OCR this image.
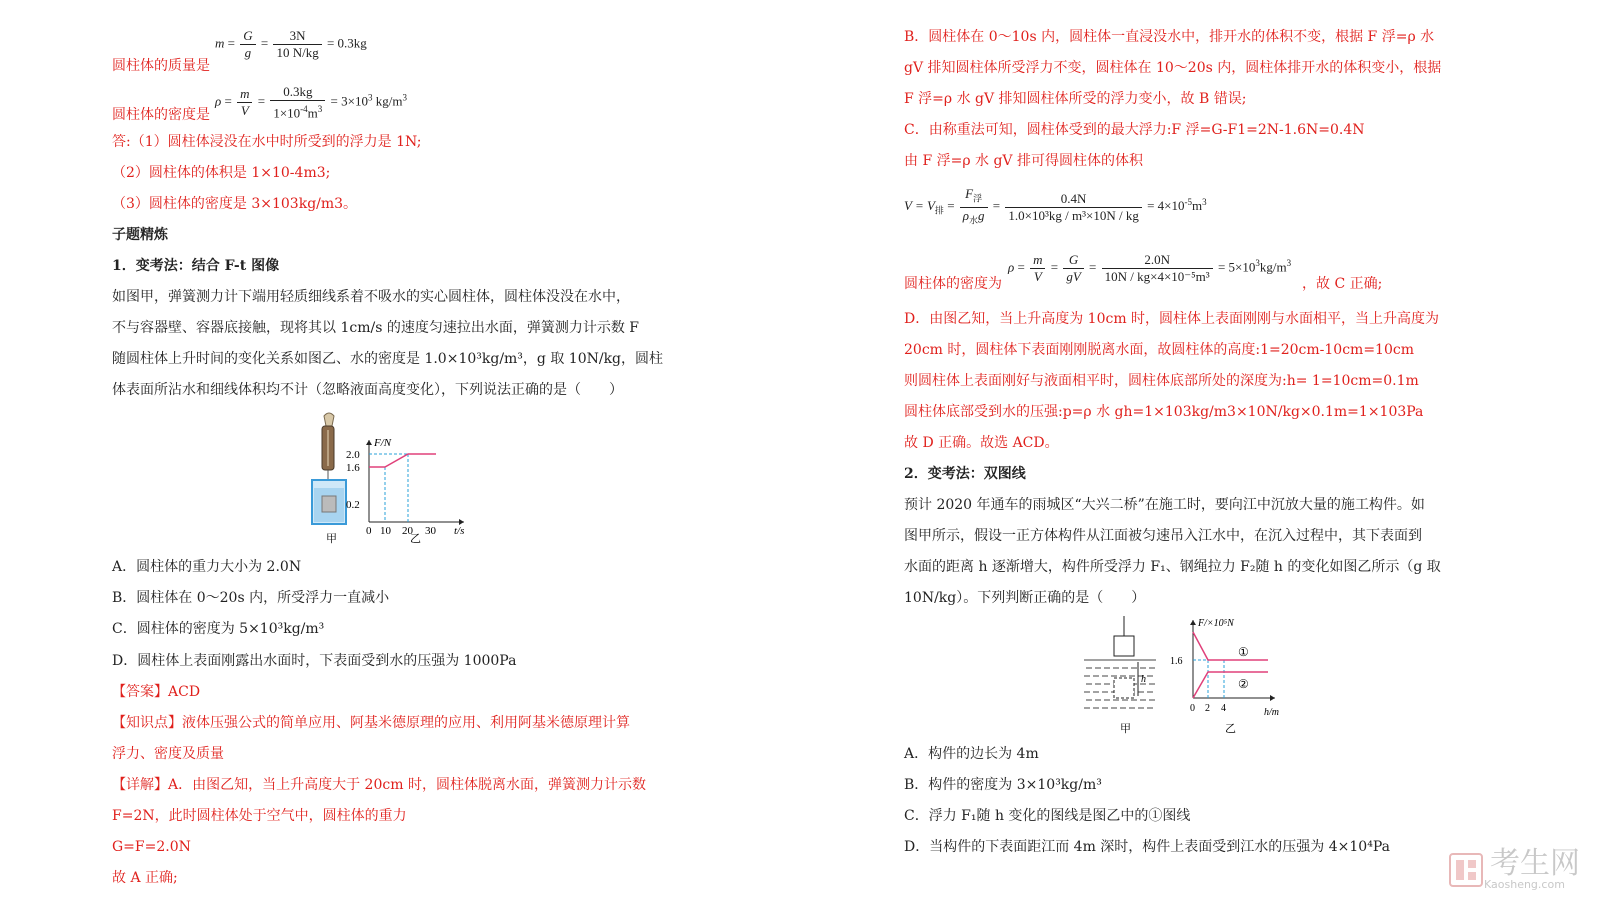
$m = \frac{G}{g} = \frac{3N}{10 N/kg} = 0.3kg$
圆柱体的质量是
$\rho = \frac{m}{V} = \frac{0.3kg}{1\times 10^{-4}m^3} = 3\times 10^3$ $kg/m^3$
圆柱体的密度是
答:（1）圆柱体浸没在水中时所受到的浮力是 1N;
（2）圆柱体的体积是 1×10-4m3;
（3）圆柱体的密度是 3×103kg/m3。
子题精炼
1．变考法：结合 F-t 图像
如图甲，弹簧测力计下端用轻质细线系着不吸水的实心圆柱体，圆柱体没没在水中，
不与容器壁、容器底接触，现将其以 1cm/s 的速度匀速拉出水面，弹簧测力计示数 F
随圆柱体上升时间的变化关系如图乙、水的密度是 1.0×10³kg/m³，g 取 10N/kg，圆柱
体表面所沾水和细线体积均不计（忽略液面高度变化），下列说法正确的是（　　）
F/N
t/s
2.0
1.6
0.2
0 10 20 30
甲	乙
A．圆柱体的重力大小为 2.0N
B．圆柱体在 0～20s 内，所受浮力一直减小
C．圆柱体的密度为 5×10³kg/m³
D．圆柱体上表面刚露出水面时，下表面受到水的压强为 1000Pa
【答案】ACD
【知识点】液体压强公式的简单应用、阿基米德原理的应用、利用阿基米德原理计算
浮力、密度及质量
【详解】A．由图乙知，当上升高度大于 20cm 时，圆柱体脱离水面，弹簧测力计示数
F=2N，此时圆柱体处于空气中，圆柱体的重力
G=F=2.0N
故 A 正确;
B．圆柱体在 0～10s 内，圆柱体一直浸没水中，排开水的体积不变，根据 F 浮=ρ 水
gV 排知圆柱体所受浮力不变，圆柱体在 10～20s 内，圆柱体排开水的体积变小，根据
F 浮=ρ 水 gV 排知圆柱体所受的浮力变小，故 B 错误;
C．由称重法可知，圆柱体受到的最大浮力:F 浮=G-F1=2N-1.6N=0.4N
由 F 浮=ρ 水 gV 排可得圆柱体的体积
$V = V_排 = \frac{F_浮}{\rho_水g} = \frac{0.4N}{\text{1.0×10³kg / m³×10N / kg}} = 4\times 10^{-5}m^3$
$\rho = \frac{m}{V} = \frac{G}{gV} = \frac{2.0N}{\text{10N / kg×4×10⁻⁵m³}} = 5\times 10^3kg/m^3$
圆柱体的密度为	，故 C 正确;
D．由图乙知，当上升高度为 10cm 时，圆柱体上表面刚刚与水面相平，当上升高度为
20cm 时，圆柱体下表面刚刚脱离水面，故圆柱体的高度:1=20cm-10cm=10cm
则圆柱体上表面刚好与液面相平时，圆柱体底部所处的深度为:h= 1=10cm=0.1m
圆柱体底部受到水的压强:p=ρ 水 gh=1×103kg/m3×10N/kg×0.1m=1×103Pa
故 D 正确。故选 ACD。
2．变考法：双图线
预计 2020 年通车的雨城区“大兴二桥”在施工时，要向江中沉放大量的施工构件。如
图甲所示，假设一正方体构件从江面被匀速吊入江水中，在沉入过程中，其下表面到
水面的距离 h 逐渐增大，构件所受浮力 F₁、钢绳拉力 F₂随 h 的变化如图乙所示（g 取
10N/kg）。下列判断正确的是（　　）
h
F/×10⁵N
h/m
1.6
0 2 4
①
②
甲	乙
A．构件的边长为 4m
B．构件的密度为 3×10³kg/m³
C．浮力 F₁随 h 变化的图线是图乙中的①图线
D．当构件的下表面距江而 4m 深时，构件上表面受到江水的压强为 4×10⁴Pa	考生网
Kaosheng.com
